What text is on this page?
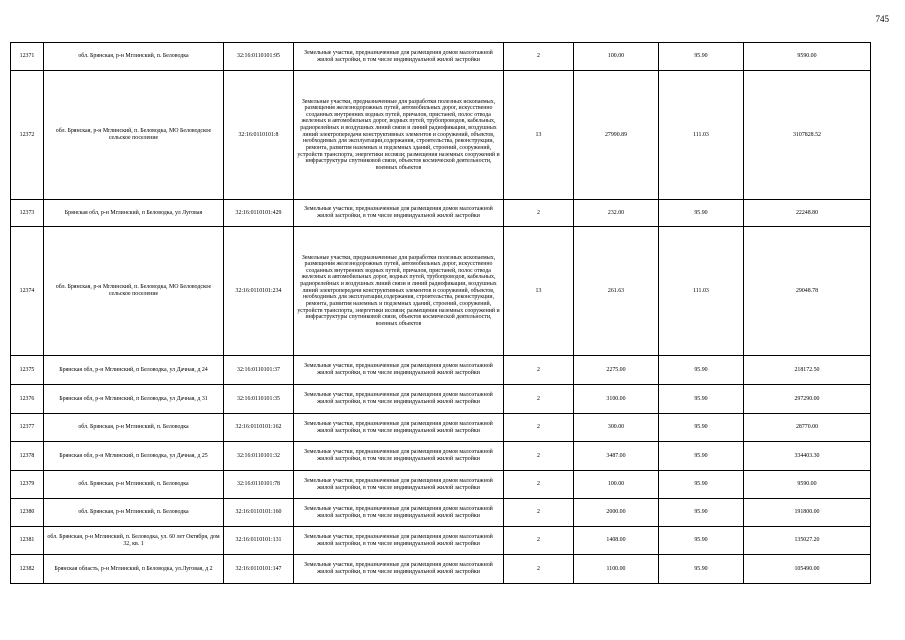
745
12371	обл. Брянская, р-н Мглинский, п. Беловодка	32:16:0110101:95	Земельные участки, предназначенные для размещения домов малоэтажной жилой застройки, в том числе индивидуальной жилой застройки	2	100.00	95.90	9590.00
12372	обл. Брянская, р-н Мглинский, п. Беловодка, МО Беловодское сельское поселение	32:16:0110101:8	Земельные участки, предназначенные для разработки полезных ископаемых, размещения железнодорожных путей, автомобильных дорог, искусственно созданных внутренних водных путей, причалов, пристаней, полос отвода железных и автомобильных дорог, водных путей, трубопроводов, кабельных, радиорелейных и воздушных линий связи и линий радиофикации, воздушных линий электропередачи конструктивных элементов и сооружений, объектов, необходимых для эксплуатации,содержания, строительства, реконструкции, ремонта, развития наземных и подземных зданий, строений, сооружений, устройств транспорта, энергетики иссвязи; размещения наземных сооружений и инфраструктуры спутниковой связи, объектов космической деятельности, военных объектов	13	27990.89	111.03	3107828.52
12373	Брянская обл, р-н Мглинский, п Беловодка, ул Луговая	32:16:0110101:429	Земельные участки, предназначенные для размещения домов малоэтажной жилой застройки, в том числе индивидуальной жилой застройки	2	232.00	95.90	22248.80
12374	обл. Брянская, р-н Мглинский, п. Беловодка, МО Беловодское сельское поселение	32:16:0110101:234	Земельные участки, предназначенные для разработки полезных ископаемых, размещения железнодорожных путей, автомобильных дорог, искусственно созданных внутренних водных путей, причалов, пристаней, полос отвода железных и автомобильных дорог, водных путей, трубопроводов, кабельных, радиорелейных и воздушных линий связи и линий радиофикации, воздушных линий электропередачи конструктивных элементов и сооружений, объектов, необходимых для эксплуатации,содержания, строительства, реконструкции, ремонта, развития наземных и подземных зданий, строений, сооружений, устройств транспорта, энергетики иссвязи; размещения наземных сооружений и инфраструктуры спутниковой связи, объектов космической деятельности, военных объектов	13	261.63	111.03	29048.78
12375	Брянская обл, р-н Мглинский, п Беловодка, ул Дачная, д 24	32:16:0110101:37	Земельные участки, предназначенные для размещения домов малоэтажной жилой застройки, в том числе индивидуальной жилой застройки	2	2275.00	95.90	218172.50
12376	Брянская обл, р-н Мглинский, п Беловодка, ул Дачная, д 31	32:16:0110101:35	Земельные участки, предназначенные для размещения домов малоэтажной жилой застройки, в том числе индивидуальной жилой застройки	2	3100.00	95.90	297290.00
12377	обл. Брянская, р-н Мглинский, п. Беловодка	32:16:0110101:162	Земельные участки, предназначенные для размещения домов малоэтажной жилой застройки, в том числе индивидуальной жилой застройки	2	300.00	95.90	28770.00
12378	Брянская обл, р-н Мглинский, п Беловодка, ул Дачная, д 25	32:16:0110101:32	Земельные участки, предназначенные для размещения домов малоэтажной жилой застройки, в том числе индивидуальной жилой застройки	2	3487.00	95.90	334403.30
12379	обл. Брянская, р-н Мглинский, п. Беловодка	32:16:0110101:78	Земельные участки, предназначенные для размещения домов малоэтажной жилой застройки, в том числе индивидуальной жилой застройки	2	100.00	95.90	9590.00
12380	обл. Брянская, р-н Мглинский, п. Беловодка	32:16:0110101:160	Земельные участки, предназначенные для размещения домов малоэтажной жилой застройки, в том числе индивидуальной жилой застройки	2	2000.00	95.90	191800.00
12381	обл. Брянская, р-н Мглинский, п. Беловодка, ул. 60 лет Октября, дом 32, кв. 1	32:16:0110101:131	Земельные участки, предназначенные для размещения домов малоэтажной жилой застройки, в том числе индивидуальной жилой застройки	2	1408.00	95.90	135027.20
12382	Брянская область, р-н Мглинский, п Беловодка, ул.Луговая, д 2	32:16:0110101:147	Земельные участки, предназначенные для размещения домов малоэтажной жилой застройки, в том числе индивидуальной жилой застройки	2	1100.00	95.90	105490.00
